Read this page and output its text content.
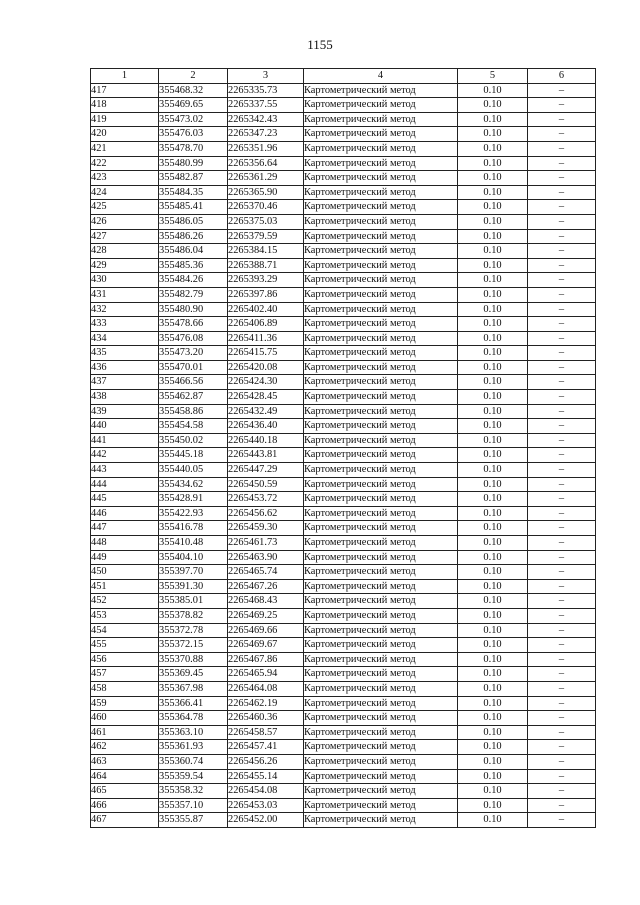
1155
1	2	3	4	5	6
417	355468.32	2265335.73	Картометрический метод	0.10	–
418	355469.65	2265337.55	Картометрический метод	0.10	–
419	355473.02	2265342.43	Картометрический метод	0.10	–
420	355476.03	2265347.23	Картометрический метод	0.10	–
421	355478.70	2265351.96	Картометрический метод	0.10	–
422	355480.99	2265356.64	Картометрический метод	0.10	–
423	355482.87	2265361.29	Картометрический метод	0.10	–
424	355484.35	2265365.90	Картометрический метод	0.10	–
425	355485.41	2265370.46	Картометрический метод	0.10	–
426	355486.05	2265375.03	Картометрический метод	0.10	–
427	355486.26	2265379.59	Картометрический метод	0.10	–
428	355486.04	2265384.15	Картометрический метод	0.10	–
429	355485.36	2265388.71	Картометрический метод	0.10	–
430	355484.26	2265393.29	Картометрический метод	0.10	–
431	355482.79	2265397.86	Картометрический метод	0.10	–
432	355480.90	2265402.40	Картометрический метод	0.10	–
433	355478.66	2265406.89	Картометрический метод	0.10	–
434	355476.08	2265411.36	Картометрический метод	0.10	–
435	355473.20	2265415.75	Картометрический метод	0.10	–
436	355470.01	2265420.08	Картометрический метод	0.10	–
437	355466.56	2265424.30	Картометрический метод	0.10	–
438	355462.87	2265428.45	Картометрический метод	0.10	–
439	355458.86	2265432.49	Картометрический метод	0.10	–
440	355454.58	2265436.40	Картометрический метод	0.10	–
441	355450.02	2265440.18	Картометрический метод	0.10	–
442	355445.18	2265443.81	Картометрический метод	0.10	–
443	355440.05	2265447.29	Картометрический метод	0.10	–
444	355434.62	2265450.59	Картометрический метод	0.10	–
445	355428.91	2265453.72	Картометрический метод	0.10	–
446	355422.93	2265456.62	Картометрический метод	0.10	–
447	355416.78	2265459.30	Картометрический метод	0.10	–
448	355410.48	2265461.73	Картометрический метод	0.10	–
449	355404.10	2265463.90	Картометрический метод	0.10	–
450	355397.70	2265465.74	Картометрический метод	0.10	–
451	355391.30	2265467.26	Картометрический метод	0.10	–
452	355385.01	2265468.43	Картометрический метод	0.10	–
453	355378.82	2265469.25	Картометрический метод	0.10	–
454	355372.78	2265469.66	Картометрический метод	0.10	–
455	355372.15	2265469.67	Картометрический метод	0.10	–
456	355370.88	2265467.86	Картометрический метод	0.10	–
457	355369.45	2265465.94	Картометрический метод	0.10	–
458	355367.98	2265464.08	Картометрический метод	0.10	–
459	355366.41	2265462.19	Картометрический метод	0.10	–
460	355364.78	2265460.36	Картометрический метод	0.10	–
461	355363.10	2265458.57	Картометрический метод	0.10	–
462	355361.93	2265457.41	Картометрический метод	0.10	–
463	355360.74	2265456.26	Картометрический метод	0.10	–
464	355359.54	2265455.14	Картометрический метод	0.10	–
465	355358.32	2265454.08	Картометрический метод	0.10	–
466	355357.10	2265453.03	Картометрический метод	0.10	–
467	355355.87	2265452.00	Картометрический метод	0.10	–
